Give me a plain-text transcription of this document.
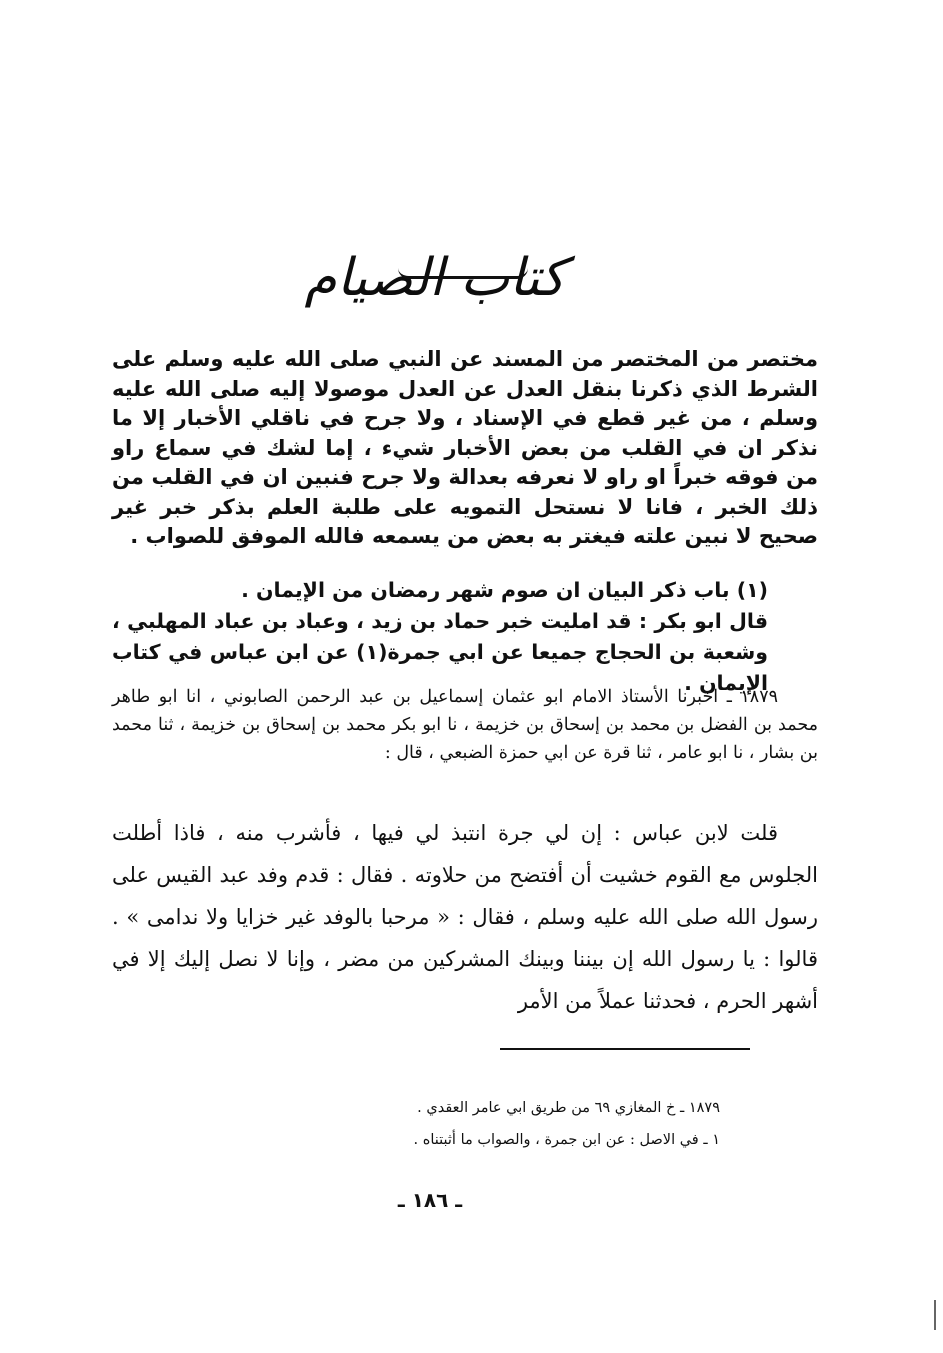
كتاب الصيام

مختصر من المختصر من المسند عن النبي صلى الله عليه وسلم على الشرط الذي ذكرنا بنقل العدل عن العدل موصولا إليه صلى الله عليه وسلم ، من غير قطع في الإسناد ، ولا جرح في ناقلي الأخبار إلا ما نذكر ان في القلب من بعض الأخبار شيء ، إما لشك في سماع راو من فوقه خبراً او راو لا نعرفه بعدالة ولا جرح فنبين ان في القلب من ذلك الخبر ، فانا لا نستحل التمويه على طلبة العلم بذكر خبر غير صحيح لا نبين علته فيغتر به بعض من يسمعه فالله الموفق للصواب .

(١) باب ذكر البيان ان صوم شهر رمضان من الإيمان .

قال ابو بكر : قد امليت خبر حماد بن زيد ، وعباد بن عباد المهلبي ، وشعبة بن الحجاج جميعا عن ابي جمرة(١) عن ابن عباس في كتاب الإيمان .

١٨٧٩ ـ اخبرنا الأستاذ الامام ابو عثمان إسماعيل بن عبد الرحمن الصابوني ، انا ابو طاهر محمد بن الفضل بن محمد بن إسحاق بن خزيمة ، نا ابو بكر محمد بن إسحاق بن خزيمة ، ثنا محمد بن بشار ، نا ابو عامر ، ثنا قرة عن ابي حمزة الضبعي ، قال :

قلت لابن عباس : إن لي جرة انتبذ لي فيها ، فأشرب منه ، فاذا أطلت الجلوس مع القوم خشيت أن أفتضح من حلاوته . فقال : قدم وفد عبد القيس على رسول الله صلى الله عليه وسلم ، فقال : « مرحبا بالوفد غير خزايا ولا ندامى » . قالوا : يا رسول الله إن بيننا وبينك المشركين من مضر ، وإنا لا نصل إليك إلا في أشهر الحرم ، فحدثنا عملاً من الأمر

١٨٧٩ ـ خ المغازي ٦٩ من طريق ابي عامر العقدي .

١ ـ في الاصل : عن ابن جمرة ، والصواب ما أثبتناه .

ـ ١٨٦ ـ
